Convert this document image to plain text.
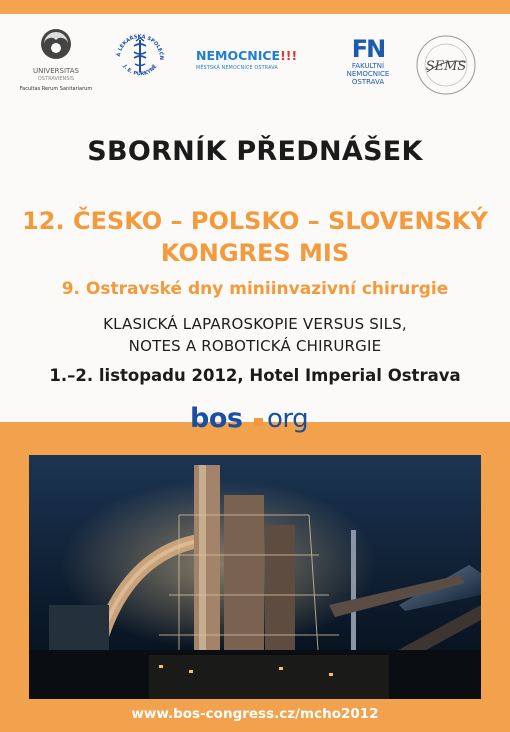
UNIVERSITAS
OSTRAVIENSIS
Facultas Rerum Sanitariarum
Á LÉKAŘSKÁ SPOLEČN
J. E. PURKYNĚ
NEMOCNICE!!!
MĚSTSKÁ NEMOCNICE OSTRAVA
FN
FAKULTNÍ
NEMOCNICE
OSTRAVA
SEMS
SBORNÍK PŘEDNÁŠEK
12. ČESKO – POLSKO – SLOVENSKÝ
KONGRES MIS
9. Ostravské dny miniinvazivní chirurgie
KLASICKÁ LAPAROSKOPIE VERSUS SILS,
NOTES A ROBOTICKÁ CHIRURGIE
1.–2. listopadu 2012, Hotel Imperial Ostrava
bos org
www.bos-congress.cz/mcho2012
